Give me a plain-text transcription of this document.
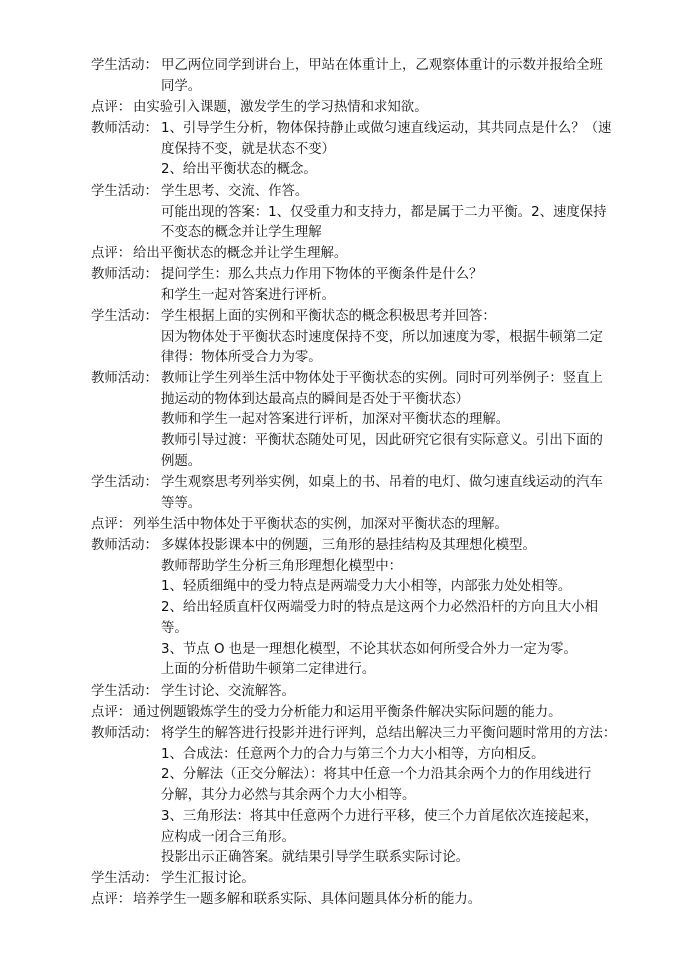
学生活动： 甲乙两位同学到讲台上，甲站在体重计上，乙观察体重计的示数并报给全班
同学。
点评： 由实验引入课题，激发学生的学习热情和求知欲。
教师活动： 1、引导学生分析，物体保持静止或做匀速直线运动，其共同点是什么？（速
度保持不变，就是状态不变）
2、给出平衡状态的概念。
学生活动： 学生思考、交流、作答。
可能出现的答案：1、仅受重力和支持力，都是属于二力平衡。2、速度保持
不变态的概念并让学生理解
点评： 给出平衡状态的概念并让学生理解。
教师活动： 提问学生：那么共点力作用下物体的平衡条件是什么？
和学生一起对答案进行评析。
学生活动： 学生根据上面的实例和平衡状态的概念积极思考并回答：
因为物体处于平衡状态时速度保持不变，所以加速度为零，根据牛顿第二定
律得：物体所受合力为零。
教师活动： 教师让学生列举生活中物体处于平衡状态的实例。同时可列举例子：竖直上
抛运动的物体到达最高点的瞬间是否处于平衡状态）
教师和学生一起对答案进行评析，加深对平衡状态的理解。
教师引导过渡：平衡状态随处可见，因此研究它很有实际意义。引出下面的
例题。
学生活动： 学生观察思考列举实例，如桌上的书、吊着的电灯、做匀速直线运动的汽车
等等。
点评： 列举生活中物体处于平衡状态的实例，加深对平衡状态的理解。
教师活动： 多媒体投影课本中的例题，三角形的悬挂结构及其理想化模型。
教师帮助学生分析三角形理想化模型中：
1、轻质细绳中的受力特点是两端受力大小相等，内部张力处处相等。
2、给出轻质直杆仅两端受力时的特点是这两个力必然沿杆的方向且大小相
等。
3、节点 O 也是一理想化模型，不论其状态如何所受合外力一定为零。
上面的分析借助牛顿第二定律进行。
学生活动： 学生讨论、交流解答。
点评： 通过例题锻炼学生的受力分析能力和运用平衡条件解决实际问题的能力。
教师活动： 将学生的解答进行投影并进行评判，总结出解决三力平衡问题时常用的方法：
1、合成法：任意两个力的合力与第三个力大小相等，方向相反。
2、分解法（正交分解法）：将其中任意一个力沿其余两个力的作用线进行
分解，其分力必然与其余两个力大小相等。
3、三角形法：将其中任意两个力进行平移，使三个力首尾依次连接起来，
应构成一闭合三角形。
投影出示正确答案。就结果引导学生联系实际讨论。
学生活动： 学生汇报讨论。
点评： 培养学生一题多解和联系实际、具体问题具体分析的能力。
